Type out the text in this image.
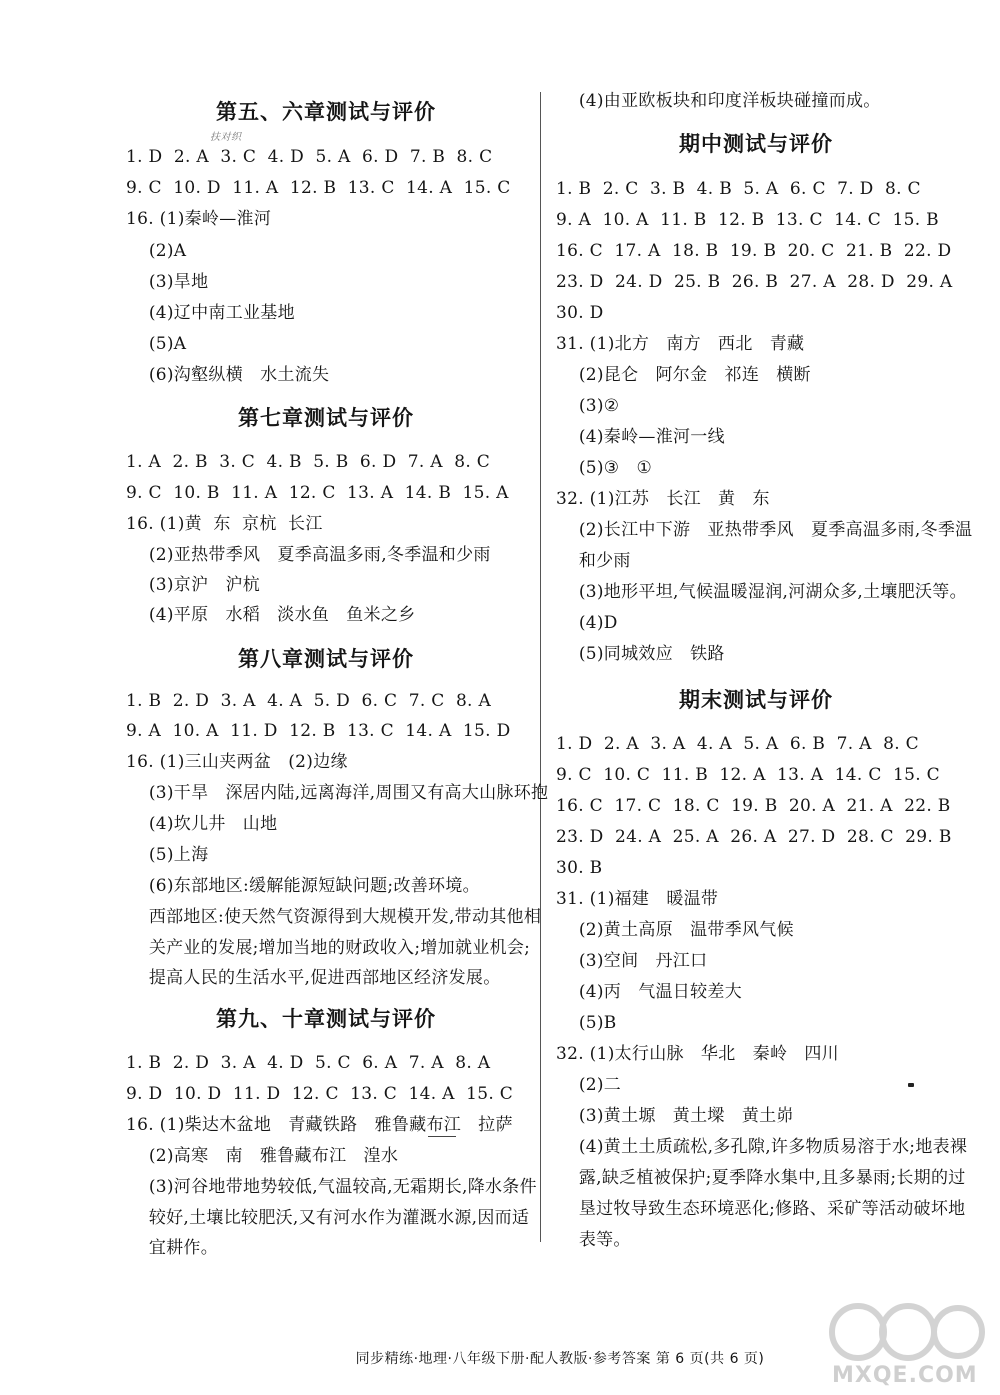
扶对织
第五、六章测试与评价
1. D  2. A  3. C  4. D  5. A  6. D  7. B  8. C
9. C  10. D  11. A  12. B  13. C  14. A  15. C
16. (1)秦岭—淮河
(2)A
(3)旱地
(4)辽中南工业基地
(5)A
(6)沟壑纵横   水土流失
第七章测试与评价
1. A  2. B  3. C  4. B  5. B  6. D  7. A  8. C
9. C  10. B  11. A  12. C  13. A  14. B  15. A
16. (1)黄  东  京杭  长江
(2)亚热带季风   夏季高温多雨,冬季温和少雨
(3)京沪   沪杭
(4)平原   水稻   淡水鱼   鱼米之乡
第八章测试与评价
1. B  2. D  3. A  4. A  5. D  6. C  7. C  8. A
9. A  10. A  11. D  12. B  13. C  14. A  15. D
16. (1)三山夹两盆   (2)边缘
(3)干旱   深居内陆,远离海洋,周围又有高大山脉环抱
(4)坎儿井   山地
(5)上海
(6)东部地区:缓解能源短缺问题;改善环境。
西部地区:使天然气资源得到大规模开发,带动其他相
关产业的发展;增加当地的财政收入;增加就业机会;
提高人民的生活水平,促进西部地区经济发展。
第九、十章测试与评价
1. B  2. D  3. A  4. D  5. C  6. A  7. A  8. A
9. D  10. D  11. D  12. C  13. C  14. A  15. C
16. (1)柴达木盆地   青藏铁路   雅鲁藏布江   拉萨
(2)高寒   南   雅鲁藏布江   湟水
(3)河谷地带地势较低,气温较高,无霜期长,降水条件
较好,土壤比较肥沃,又有河水作为灌溉水源,因而适
宜耕作。
(4)由亚欧板块和印度洋板块碰撞而成。
期中测试与评价
1. B  2. C  3. B  4. B  5. A  6. C  7. D  8. C
9. A  10. A  11. B  12. B  13. C  14. C  15. B
16. C  17. A  18. B  19. B  20. C  21. B  22. D
23. D  24. D  25. B  26. B  27. A  28. D  29. A
30. D
31. (1)北方   南方   西北   青藏
(2)昆仑   阿尔金   祁连   横断
(3)②
(4)秦岭—淮河一线
(5)③   ①
32. (1)江苏   长江   黄   东
(2)长江中下游   亚热带季风   夏季高温多雨,冬季温
和少雨
(3)地形平坦,气候温暖湿润,河湖众多,土壤肥沃等。
(4)D
(5)同城效应   铁路
期末测试与评价
1. D  2. A  3. A  4. A  5. A  6. B  7. A  8. C
9. C  10. C  11. B  12. A  13. A  14. C  15. C
16. C  17. C  18. C  19. B  20. A  21. A  22. B
23. D  24. A  25. A  26. A  27. D  28. C  29. B
30. B
31. (1)福建   暖温带
(2)黄土高原   温带季风气候
(3)空间   丹江口
(4)丙   气温日较差大
(5)B
32. (1)太行山脉   华北   秦岭   四川
(2)二
(3)黄土塬   黄土墚   黄土峁
(4)黄土土质疏松,多孔隙,许多物质易溶于水;地表裸
露,缺乏植被保护;夏季降水集中,且多暴雨;长期的过
垦过牧导致生态环境恶化;修路、采矿等活动破坏地
表等。
同步精练·地理·八年级下册·配人教版·参考答案 第 6 页(共 6 页)
MXQE.COM
